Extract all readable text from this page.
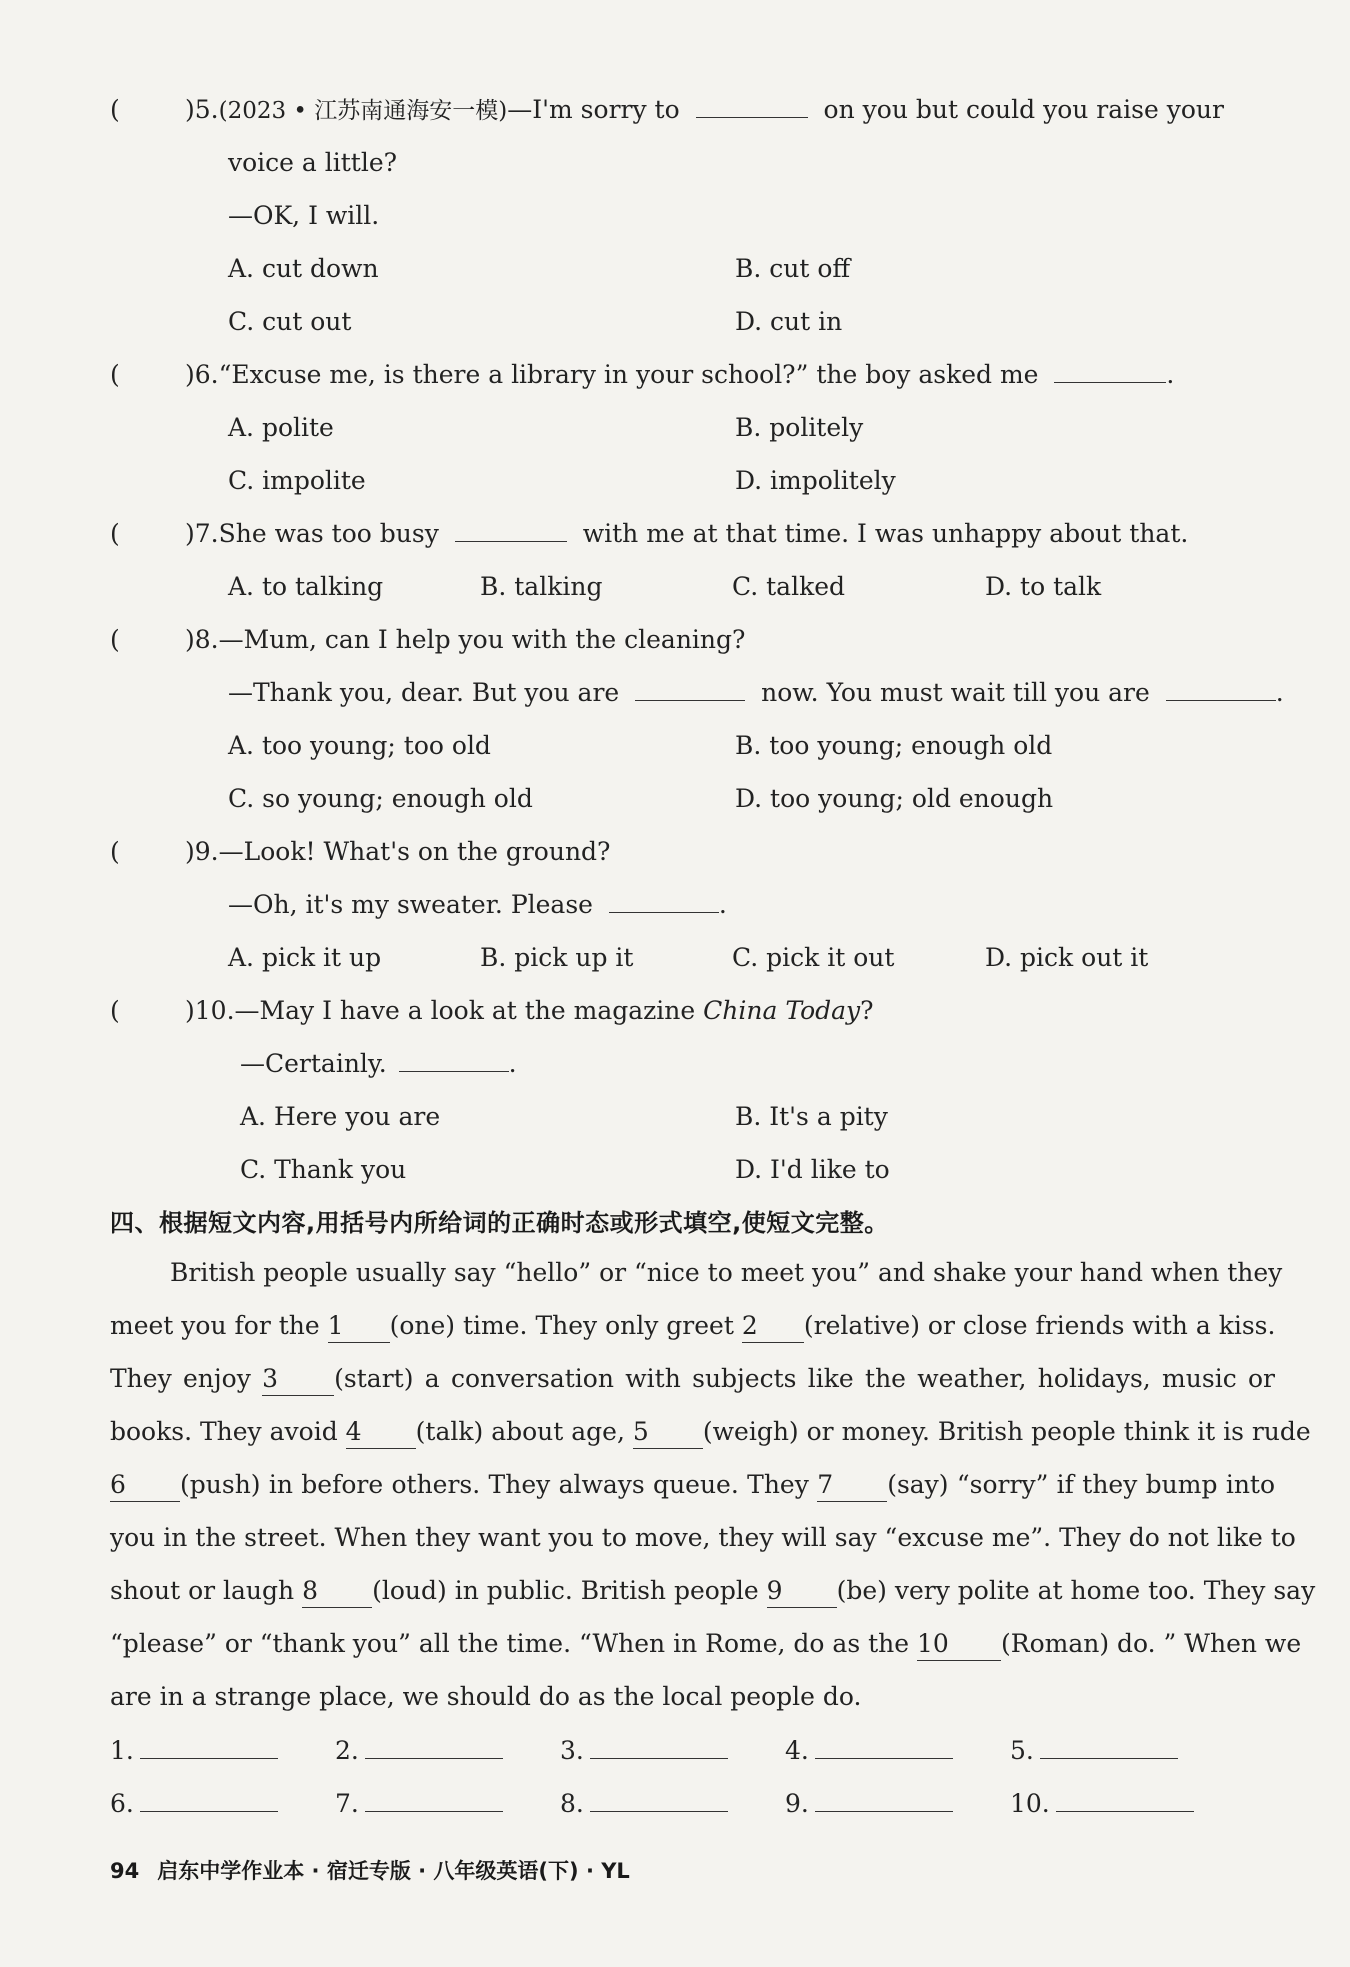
(	)5.(2023 • 江苏南通海安一模)—I'm sorry to	on you but could you raise your
voice a little?
—OK, I will.
A. cut down	B. cut off
C. cut out	D. cut in
(	)6.“Excuse me, is there a library in your school?” the boy asked me	.
A. polite	B. politely
C. impolite	D. impolitely
(	)7.She was too busy	with me at that time. I was unhappy about that.
A. to talking	B. talking	C. talked	D. to talk
(	)8.—Mum, can I help you with the cleaning?
—Thank you, dear. But you are	now. You must wait till you are	.
A. too young; too old	B. too young; enough old
C. so young; enough old	D. too young; old enough
(	)9.—Look! What's on the ground?
—Oh, it's my sweater. Please	.
A. pick it up	B. pick up it	C. pick it out	D. pick out it
(	)10.—May I have a look at the magazine China Today?
—Certainly.	.
A. Here you are	B. It's a pity
C. Thank you	D. I'd like to
四、根据短文内容,用括号内所给词的正确时态或形式填空,使短文完整。
British people usually say “hello” or “nice to meet you” and shake your hand when they
meet you for the 1 (one) time. They only greet 2 (relative) or close friends with a kiss.
They enjoy 3 (start) a conversation with subjects like the weather, holidays, music or
books. They avoid 4 (talk) about age, 5 (weigh) or money. British people think it is rude
6 (push) in before others. They always queue. They 7 (say) “sorry” if they bump into
you in the street. When they want you to move, they will say “excuse me”. They do not like to
shout or laugh 8 (loud) in public. British people 9 (be) very polite at home too. They say
“please” or “thank you” all the time. “When in Rome, do as the 10 (Roman) do. ” When we
are in a strange place, we should do as the local people do.
1.	2.	3.	4.	5.
6.	7.	8.	9.	10.
94 启东中学作业本 · 宿迁专版 · 八年级英语(下) · YL
